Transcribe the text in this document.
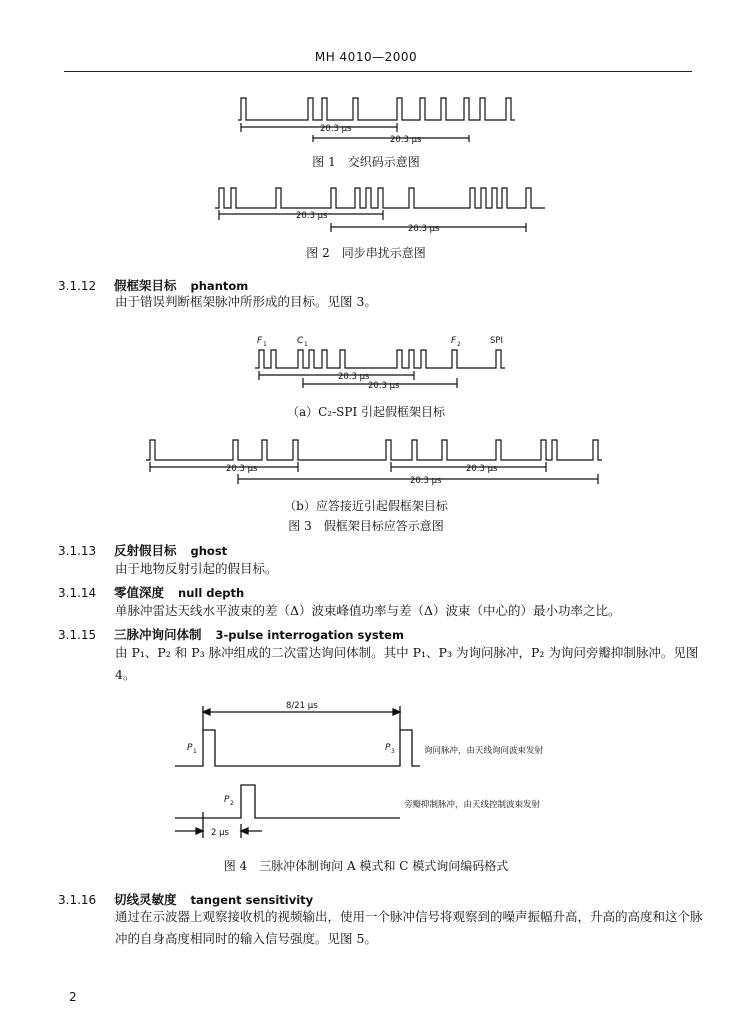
MH 4010—2000
20.3 μs
20.3 μs
图 1　交织码示意图
20.3 μs
20.3 μs
图 2　同步串扰示意图
3.1.12 假框架目标 phantom
由于错误判断框架脉冲所形成的目标。见图 3。
F 1	C 1	F 2	SPI
20.3 μs
20.3 μs
（a）C₂-SPI 引起假框架目标
20.3 μs	20.3 μs
20.3 μs
（b）应答接近引起假框架目标
图 3　假框架目标应答示意图
3.1.13 反射假目标 ghost
由于地物反射引起的假目标。
3.1.14 零值深度 null depth
单脉冲雷达天线水平波束的差（Δ）波束峰值功率与差（Δ）波束（中心的）最小功率之比。
3.1.15 三脉冲询问体制 3-pulse interrogation system
由 P₁、P₂ 和 P₃ 脉冲组成的二次雷达询问体制。其中 P₁、P₃ 为询问脉冲，P₂ 为询问旁瓣抑制脉冲。见图 4。
8/21 μs
P 1	P 3
P 2
2 μs
询问脉冲，由天线询问波束发射
旁瓣抑制脉冲，由天线控制波束发射
图 4　三脉冲体制询问 A 模式和 C 模式询问编码格式
3.1.16 切线灵敏度 tangent sensitivity
通过在示波器上观察接收机的视频输出，使用一个脉冲信号将观察到的噪声振幅升高，升高的高度和这个脉冲的自身高度相同时的输入信号强度。见图 5。
2
